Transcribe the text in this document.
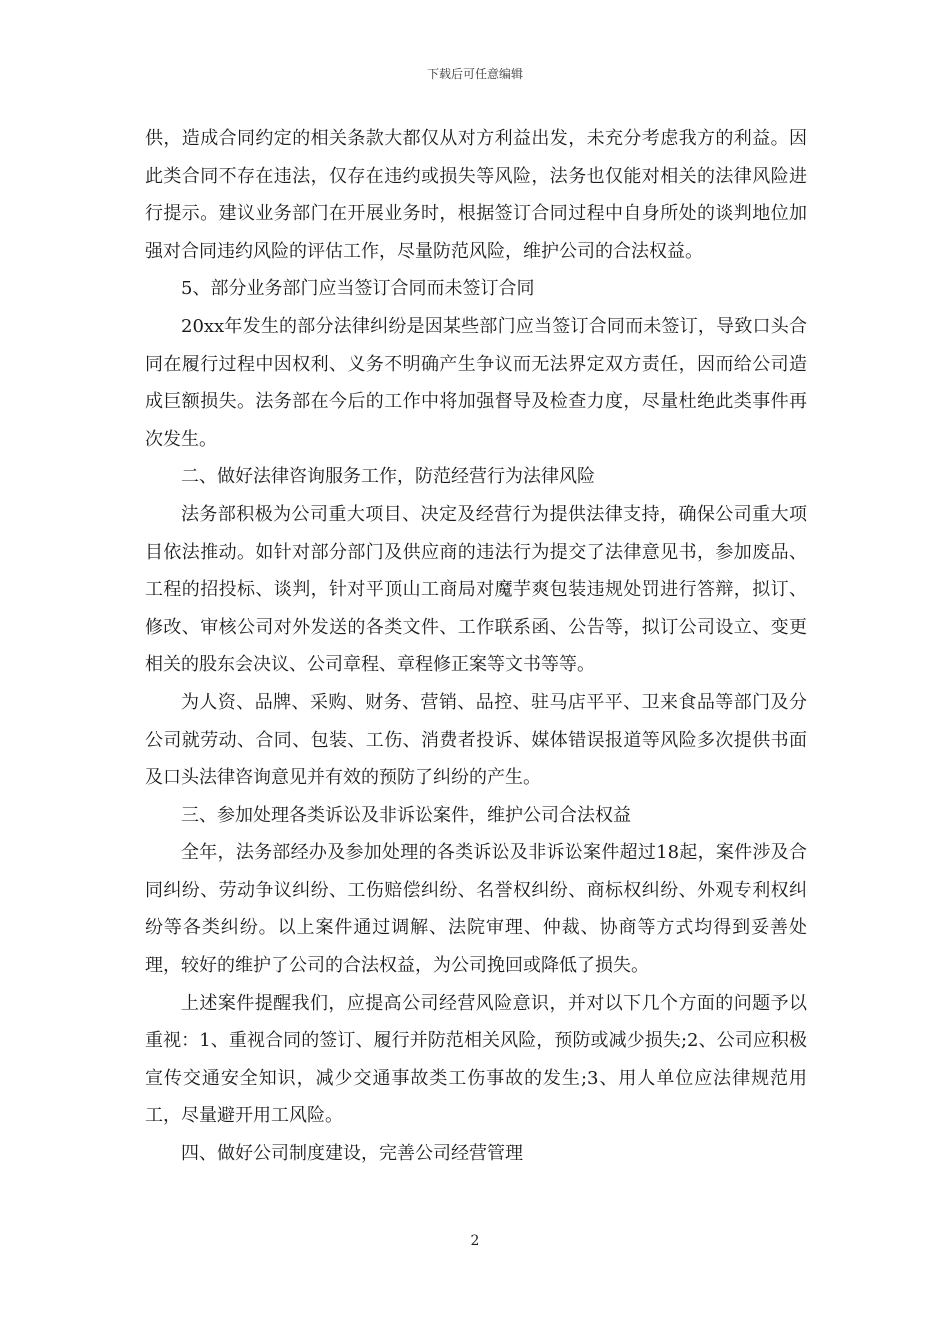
下载后可任意编辑

供，造成合同约定的相关条款大都仅从对方利益出发，未充分考虑我方的利益。因此类合同不存在违法，仅存在违约或损失等风险，法务也仅能对相关的法律风险进行提示。建议业务部门在开展业务时，根据签订合同过程中自身所处的谈判地位加强对合同违约风险的评估工作，尽量防范风险，维护公司的合法权益。

5、部分业务部门应当签订合同而未签订合同

20xx年发生的部分法律纠纷是因某些部门应当签订合同而未签订，导致口头合同在履行过程中因权利、义务不明确产生争议而无法界定双方责任，因而给公司造成巨额损失。法务部在今后的工作中将加强督导及检查力度，尽量杜绝此类事件再次发生。

二、做好法律咨询服务工作，防范经营行为法律风险

法务部积极为公司重大项目、决定及经营行为提供法律支持，确保公司重大项目依法推动。如针对部分部门及供应商的违法行为提交了法律意见书，参加废品、工程的招投标、谈判，针对平顶山工商局对魔芋爽包装违规处罚进行答辩，拟订、修改、审核公司对外发送的各类文件、工作联系函、公告等，拟订公司设立、变更相关的股东会决议、公司章程、章程修正案等文书等等。

为人资、品牌、采购、财务、营销、品控、驻马店平平、卫来食品等部门及分公司就劳动、合同、包装、工伤、消费者投诉、媒体错误报道等风险多次提供书面及口头法律咨询意见并有效的预防了纠纷的产生。

三、参加处理各类诉讼及非诉讼案件，维护公司合法权益

全年，法务部经办及参加处理的各类诉讼及非诉讼案件超过18起，案件涉及合同纠纷、劳动争议纠纷、工伤赔偿纠纷、名誉权纠纷、商标权纠纷、外观专利权纠纷等各类纠纷。以上案件通过调解、法院审理、仲裁、协商等方式均得到妥善处理，较好的维护了公司的合法权益，为公司挽回或降低了损失。

上述案件提醒我们，应提高公司经营风险意识，并对以下几个方面的问题予以重视：1、重视合同的签订、履行并防范相关风险，预防或减少损失;2、公司应积极宣传交通安全知识，减少交通事故类工伤事故的发生;3、用人单位应法律规范用工，尽量避开用工风险。

四、做好公司制度建设，完善公司经营管理

2
